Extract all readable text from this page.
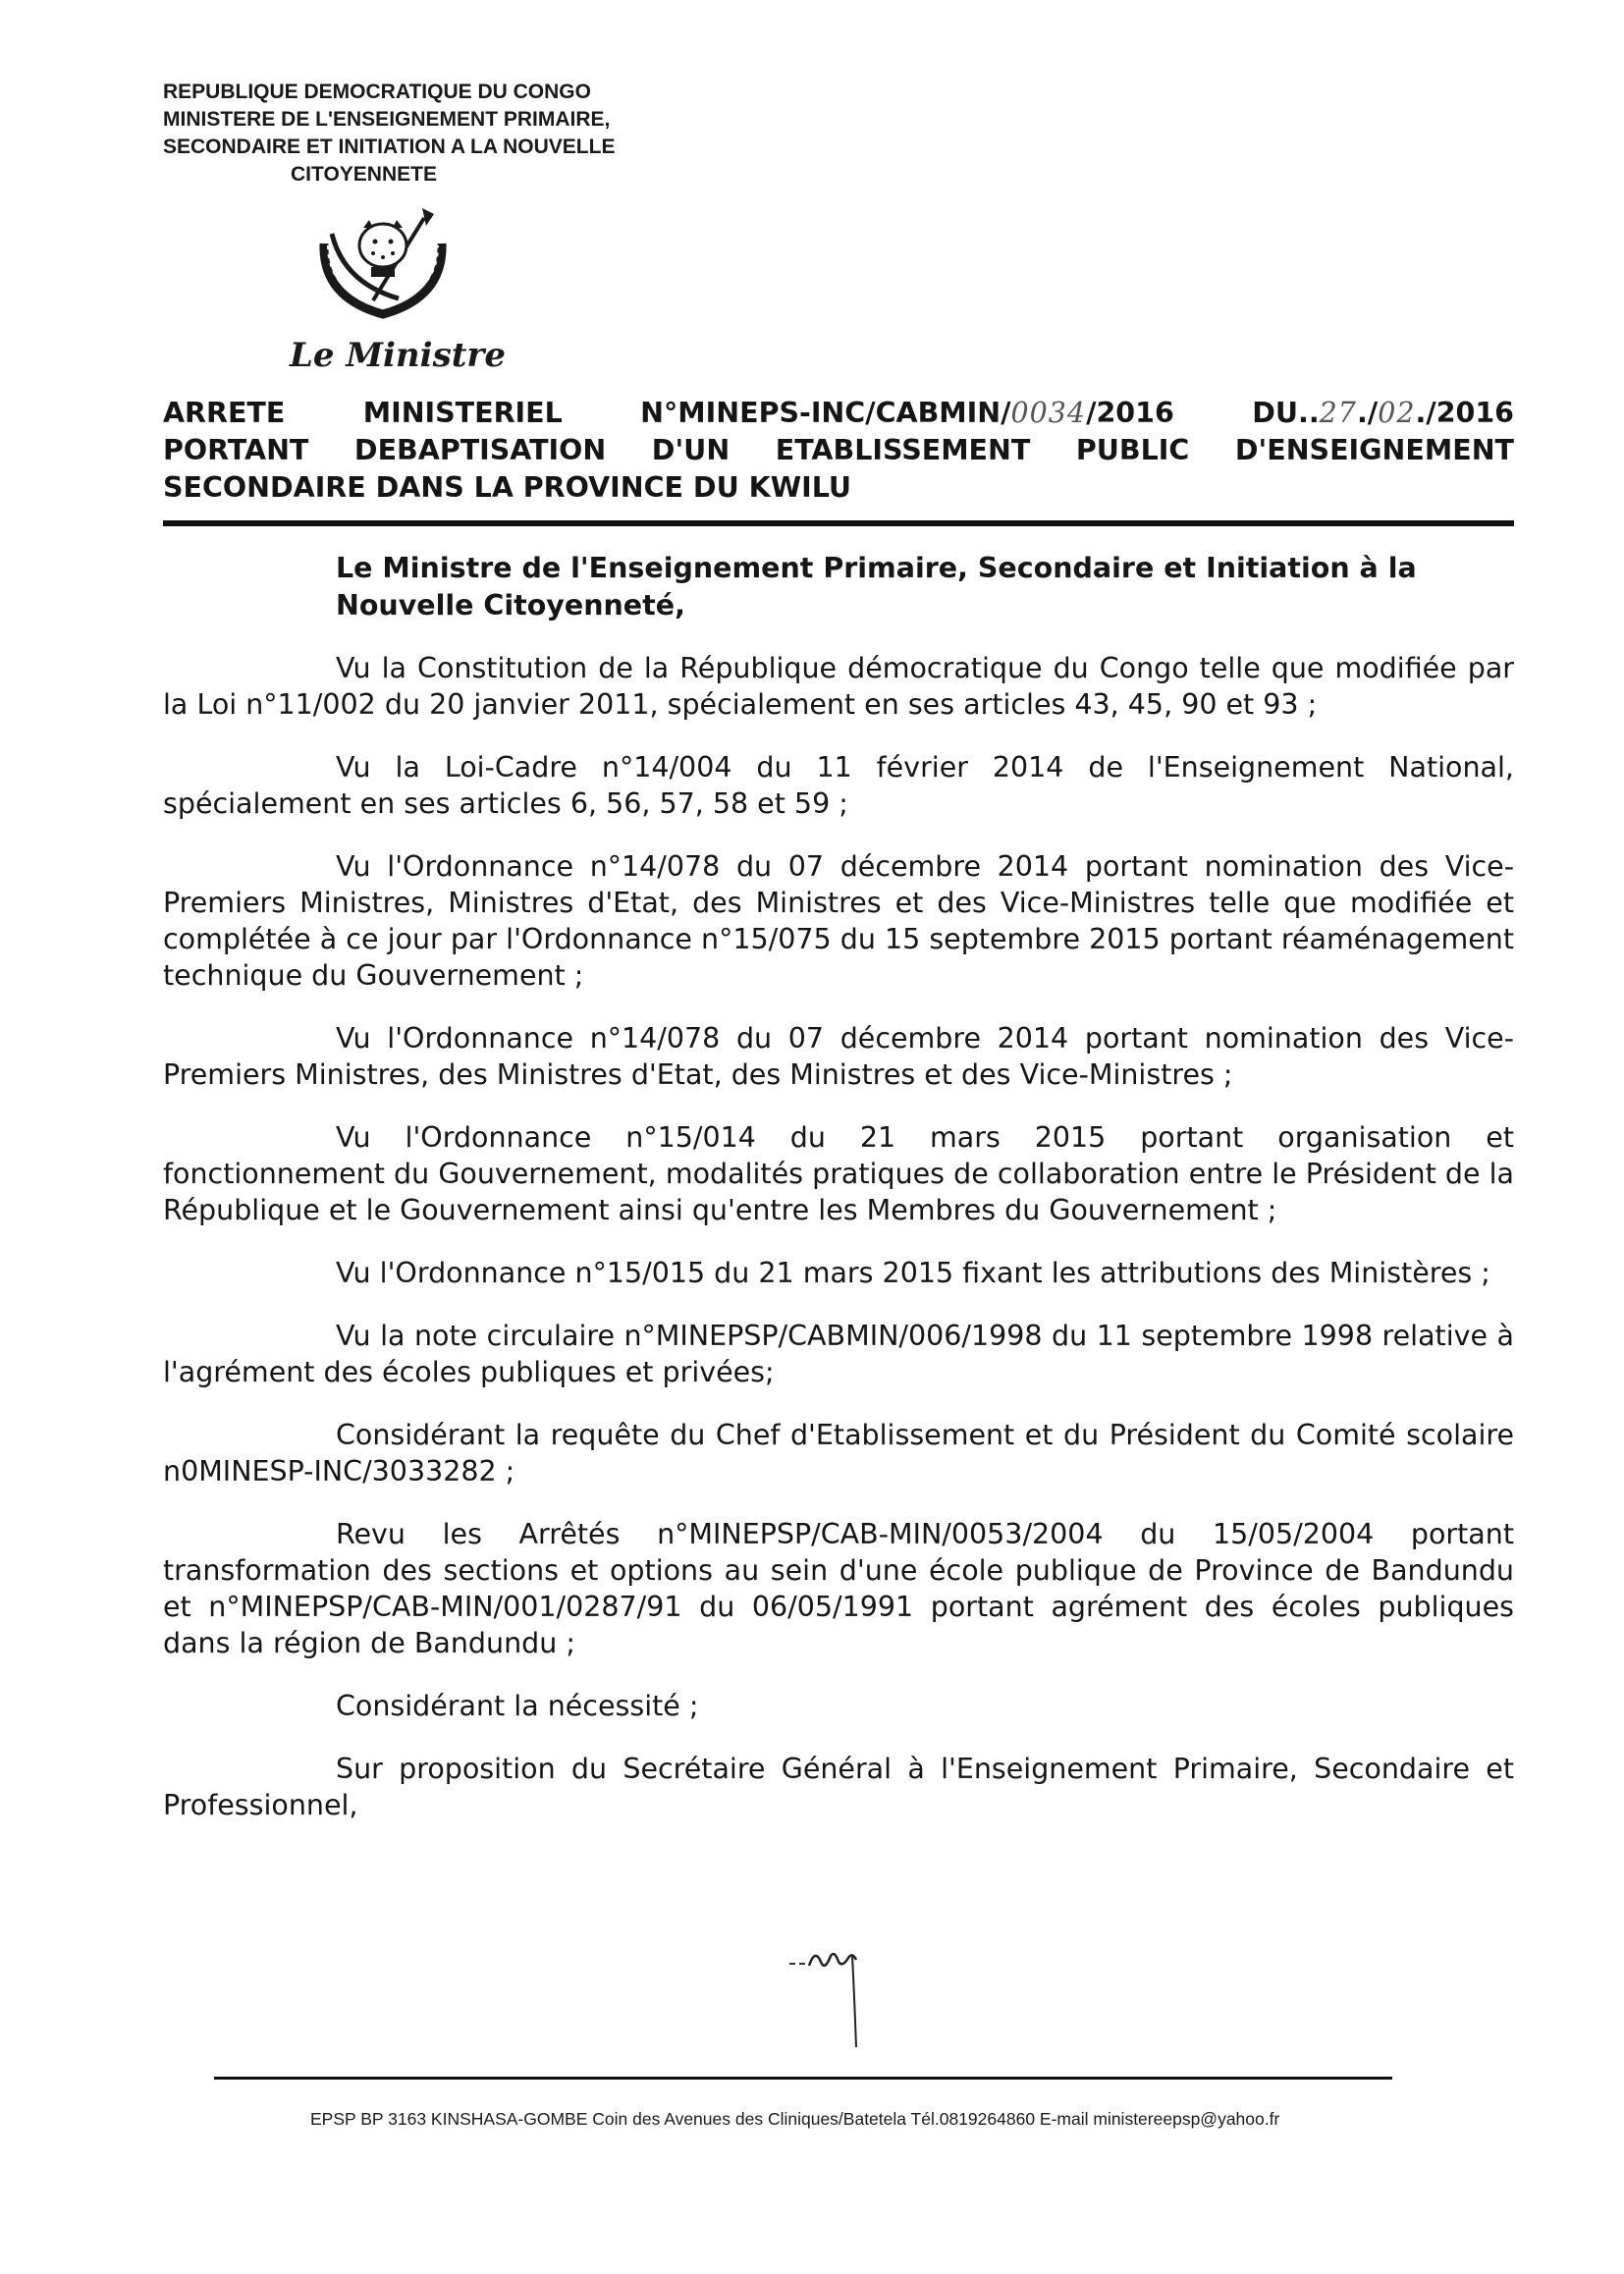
REPUBLIQUE DEMOCRATIQUE DU CONGO
MINISTERE DE L'ENSEIGNEMENT PRIMAIRE,
SECONDAIRE ET INITIATION A LA NOUVELLE
CITOYENNETE
Le Ministre
ARRETE MINISTERIEL N°MINEPS-INC/CABMIN/0034/2016 DU..27./02./2016
PORTANT DEBAPTISATION D'UN ETABLISSEMENT PUBLIC D'ENSEIGNEMENT
SECONDAIRE DANS LA PROVINCE DU KWILU
Le Ministre de l'Enseignement Primaire, Secondaire et Initiation à la Nouvelle Citoyenneté,

Vu la Constitution de la République démocratique du Congo telle que modifiée par la Loi n°11/002 du 20 janvier 2011, spécialement en ses articles 43, 45, 90 et 93 ;

Vu la Loi-Cadre n°14/004 du 11 février 2014 de l'Enseignement National, spécialement en ses articles 6, 56, 57, 58 et 59 ;

Vu l'Ordonnance n°14/078 du 07 décembre 2014 portant nomination des Vice-Premiers Ministres, Ministres d'Etat, des Ministres et des Vice-Ministres telle que modifiée et complétée à ce jour par l'Ordonnance n°15/075 du 15 septembre 2015 portant réaménagement technique du Gouvernement ;

Vu l'Ordonnance n°14/078 du 07 décembre 2014 portant nomination des Vice-Premiers Ministres, des Ministres d'Etat, des Ministres et des Vice-Ministres ;

Vu l'Ordonnance n°15/014 du 21 mars 2015 portant organisation et fonctionnement du Gouvernement, modalités pratiques de collaboration entre le Président de la République et le Gouvernement ainsi qu'entre les Membres du Gouvernement ;

Vu l'Ordonnance n°15/015 du 21 mars 2015 fixant les attributions des Ministères ;

Vu la note circulaire n°MINEPSP/CABMIN/006/1998 du 11 septembre 1998 relative à l'agrément des écoles publiques et privées;

Considérant la requête du Chef d'Etablissement et du Président du Comité scolaire n0MINESP-INC/3033282 ;

Revu les Arrêtés n°MINEPSP/CAB-MIN/0053/2004 du 15/05/2004 portant transformation des sections et options au sein d'une école publique de Province de Bandundu et n°MINEPSP/CAB-MIN/001/0287/91 du 06/05/1991 portant agrément des écoles publiques dans la région de Bandundu ;

Considérant la nécessité ;

Sur proposition du Secrétaire Général à l'Enseignement Primaire, Secondaire et Professionnel,

EPSP BP 3163 KINSHASA-GOMBE Coin des Avenues des Cliniques/Batetela Tél.0819264860 E-mail ministereepsp@yahoo.fr
